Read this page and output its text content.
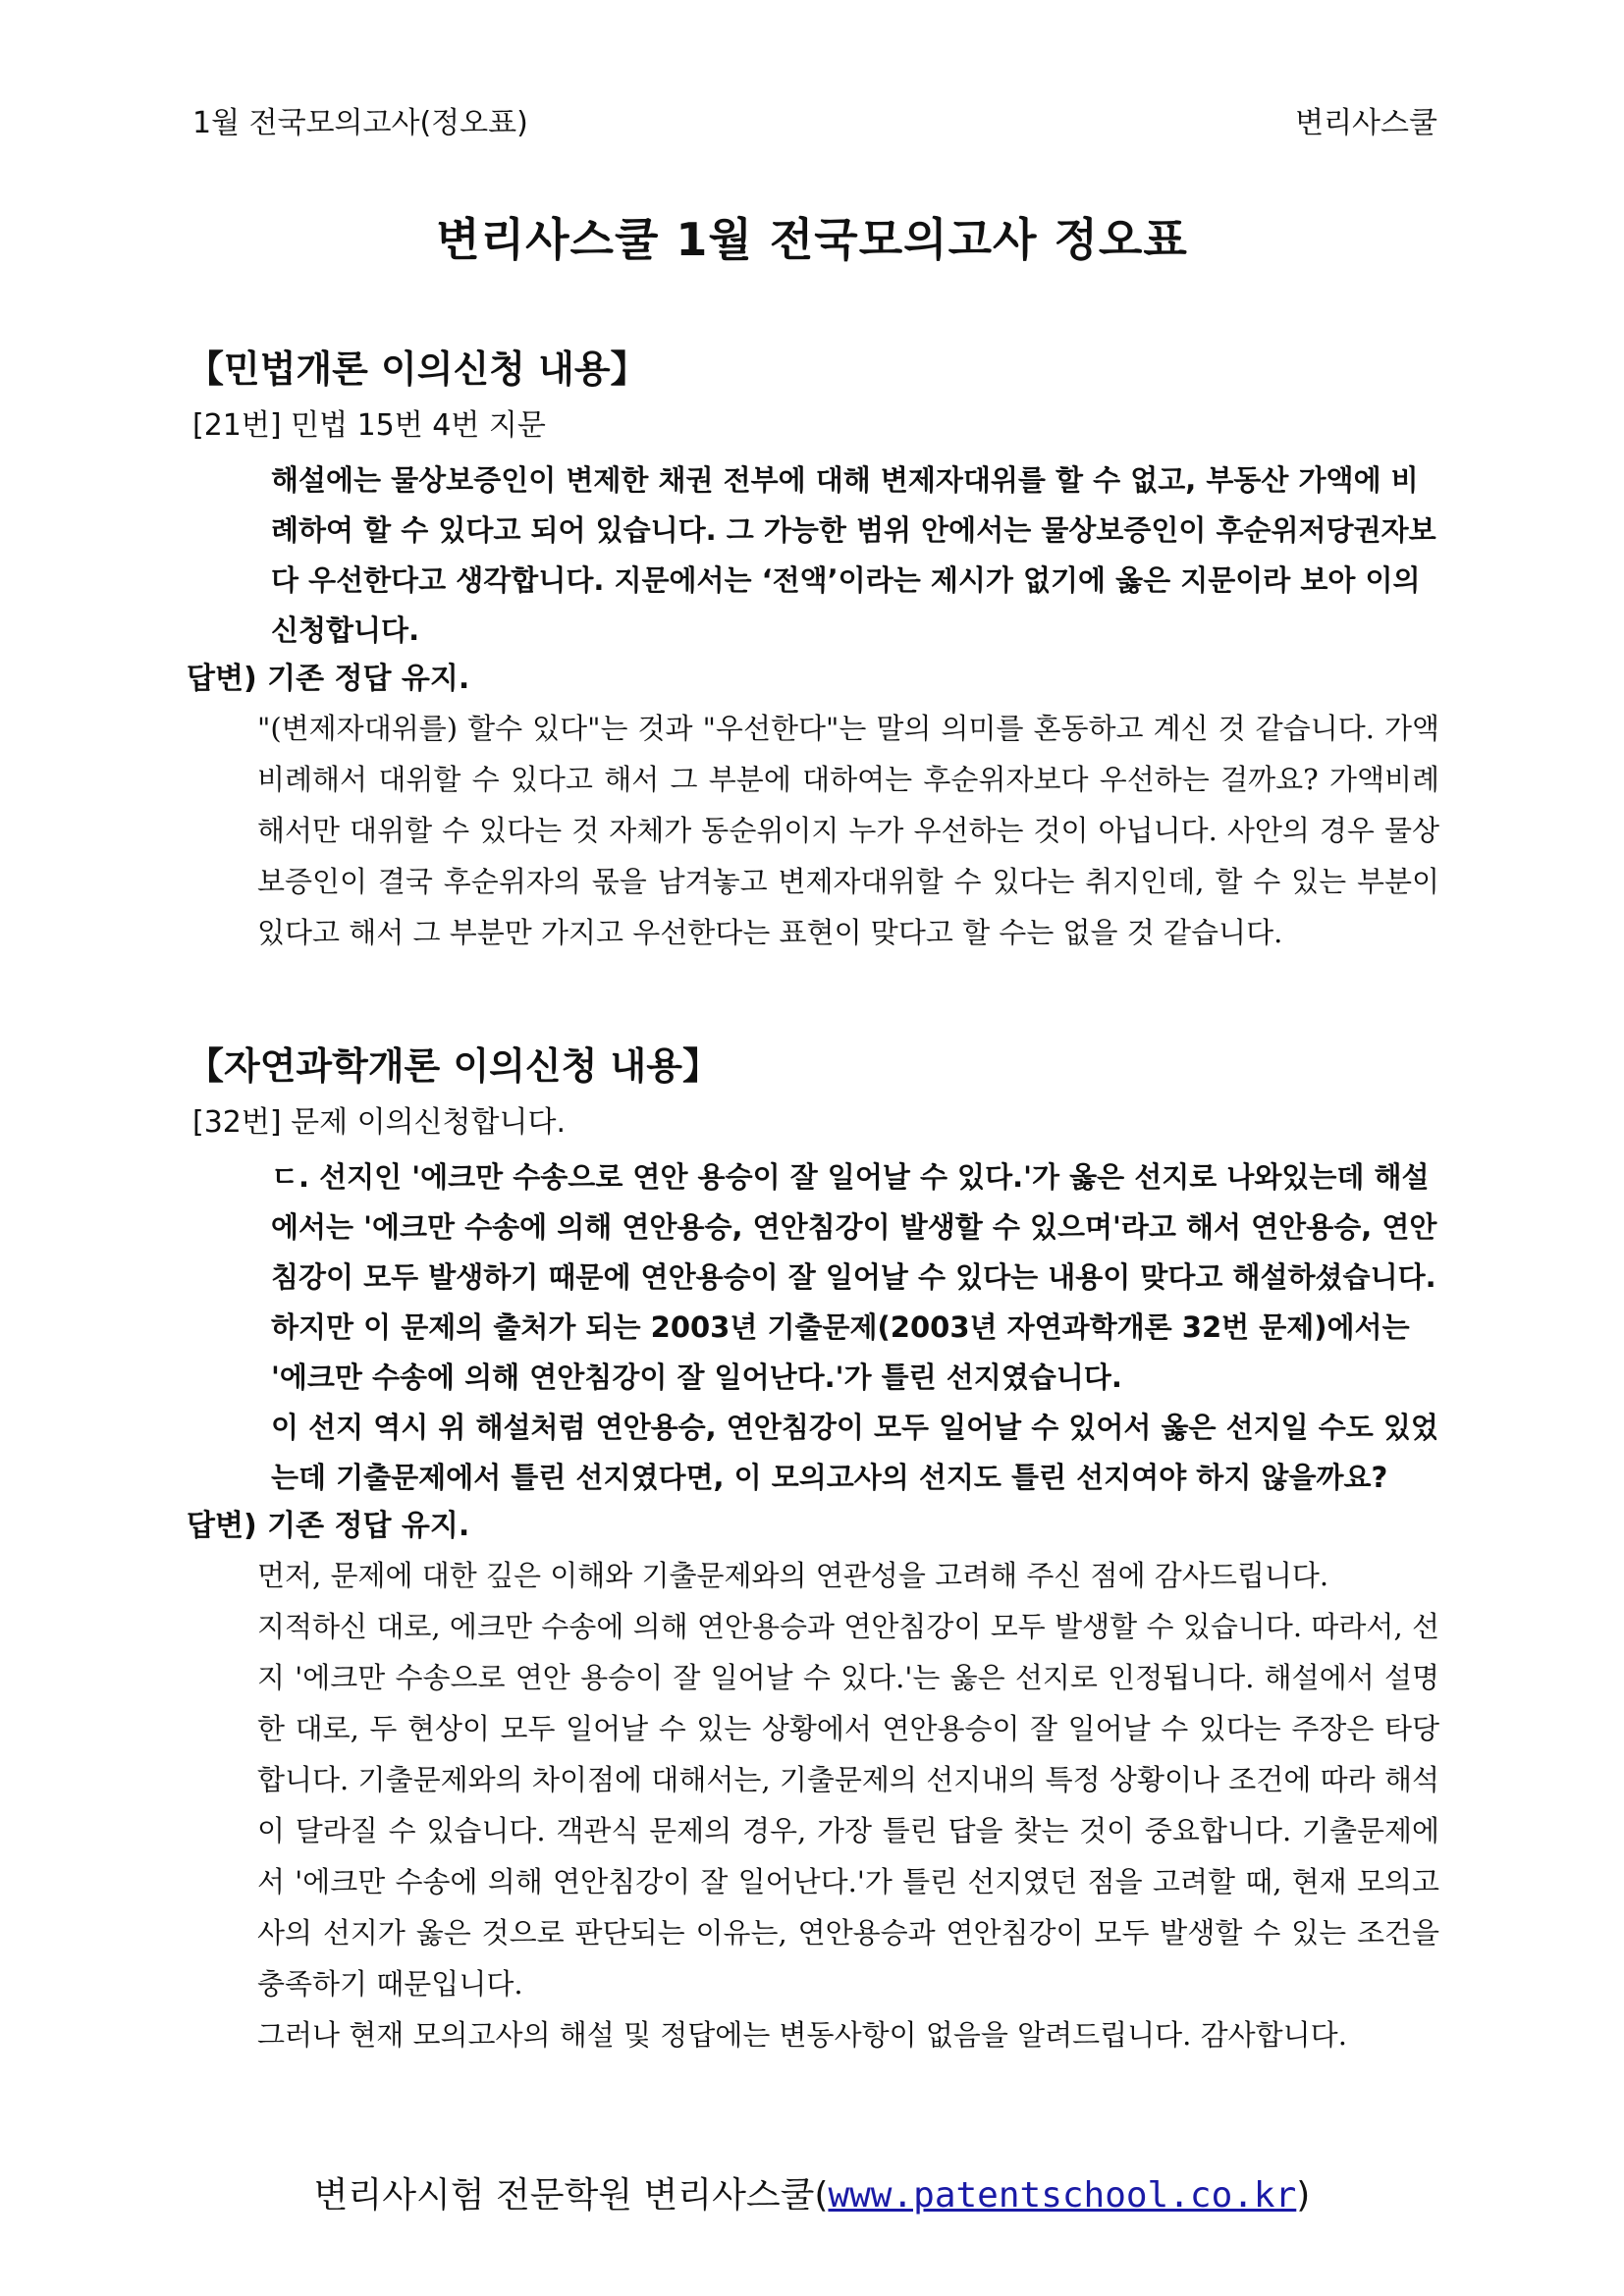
1월 전국모의고사(정오표)	변리사스쿨
변리사스쿨 1월 전국모의고사 정오표
【민법개론 이의신청 내용】
[21번] 민법 15번 4번 지문

해설에는 물상보증인이 변제한 채권 전부에 대해 변제자대위를 할 수 없고, 부동산 가액에 비례하여 할 수 있다고 되어 있습니다. 그 가능한 범위 안에서는 물상보증인이 후순위저당권자보다 우선한다고 생각합니다. 지문에서는 ‘전액’이라는 제시가 없기에 옳은 지문이라 보아 이의신청합니다.

답변) 기존 정답 유지.

"(변제자대위를) 할수 있다"는 것과 "우선한다"는 말의 의미를 혼동하고 계신 것 같습니다. 가액비례해서 대위할 수 있다고 해서 그 부분에 대하여는 후순위자보다 우선하는 걸까요? 가액비례해서만 대위할 수 있다는 것 자체가 동순위이지 누가 우선하는 것이 아닙니다. 사안의 경우 물상보증인이 결국 후순위자의 몫을 남겨놓고 변제자대위할 수 있다는 취지인데, 할 수 있는 부분이 있다고 해서 그 부분만 가지고 우선한다는 표현이 맞다고 할 수는 없을 것 같습니다.

【자연과학개론 이의신청 내용】
[32번] 문제 이의신청합니다.

ㄷ. 선지인 '에크만 수송으로 연안 용승이 잘 일어날 수 있다.'가 옳은 선지로 나와있는데 해설에서는 '에크만 수송에 의해 연안용승, 연안침강이 발생할 수 있으며'라고 해서 연안용승, 연안침강이 모두 발생하기 때문에 연안용승이 잘 일어날 수 있다는 내용이 맞다고 해설하셨습니다.

하지만 이 문제의 출처가 되는 2003년 기출문제(2003년 자연과학개론 32번 문제)에서는 '에크만 수송에 의해 연안침강이 잘 일어난다.'가 틀린 선지였습니다.

이 선지 역시 위 해설처럼 연안용승, 연안침강이 모두 일어날 수 있어서 옳은 선지일 수도 있었는데 기출문제에서 틀린 선지였다면, 이 모의고사의 선지도 틀린 선지여야 하지 않을까요?

답변) 기존 정답 유지.

먼저, 문제에 대한 깊은 이해와 기출문제와의 연관성을 고려해 주신 점에 감사드립니다.

지적하신 대로, 에크만 수송에 의해 연안용승과 연안침강이 모두 발생할 수 있습니다. 따라서, 선지 '에크만 수송으로 연안 용승이 잘 일어날 수 있다.'는 옳은 선지로 인정됩니다. 해설에서 설명한 대로, 두 현상이 모두 일어날 수 있는 상황에서 연안용승이 잘 일어날 수 있다는 주장은 타당합니다. 기출문제와의 차이점에 대해서는, 기출문제의 선지내의 특정 상황이나 조건에 따라 해석이 달라질 수 있습니다. 객관식 문제의 경우, 가장 틀린 답을 찾는 것이 중요합니다. 기출문제에서 '에크만 수송에 의해 연안침강이 잘 일어난다.'가 틀린 선지였던 점을 고려할 때, 현재 모의고사의 선지가 옳은 것으로 판단되는 이유는, 연안용승과 연안침강이 모두 발생할 수 있는 조건을 충족하기 때문입니다.

그러나 현재 모의고사의 해설 및 정답에는 변동사항이 없음을 알려드립니다. 감사합니다.

변리사시험 전문학원 변리사스쿨(www.patentschool.co.kr)
